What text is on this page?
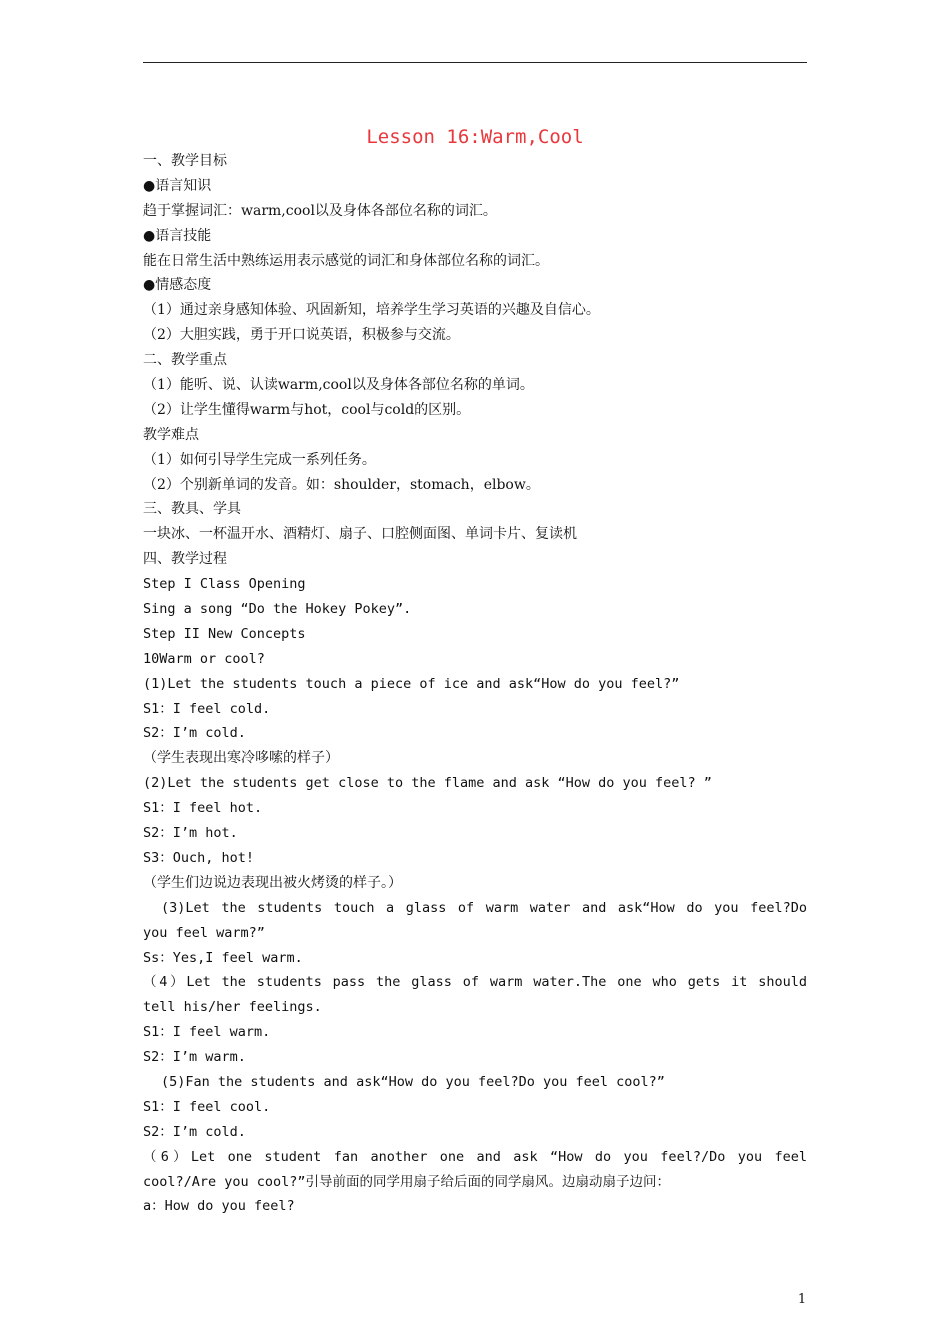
Lesson 16:Warm,Cool
一、教学目标
●语言知识
趋于掌握词汇：warm,cool以及身体各部位名称的词汇。
●语言技能
能在日常生活中熟练运用表示感觉的词汇和身体部位名称的词汇。
●情感态度
（1）通过亲身感知体验、巩固新知，培养学生学习英语的兴趣及自信心。
（2）大胆实践，勇于开口说英语，积极参与交流。
二、教学重点
（1）能听、说、认读warm,cool以及身体各部位名称的单词。
（2）让学生懂得warm与hot，cool与cold的区别。
教学难点
（1）如何引导学生完成一系列任务。
（2）个别新单词的发音。如：shoulder，stomach，elbow。
三、教具、学具
一块冰、一杯温开水、酒精灯、扇子、口腔侧面图、单词卡片、复读机
四、教学过程
Step I Class Opening
Sing a song “Do the Hokey Pokey”.
Step II New Concepts
10Warm or cool?
(1)Let the students touch a piece of ice and ask“How do you feel?”
S1：I feel cold.
S2：I’m cold.
（学生表现出寒冷哆嗦的样子）
(2)Let the students get close to the flame and ask “How do you feel? ”
S1：I feel hot.
S2：I’m hot.
S3：Ouch, hot!
（学生们边说边表现出被火烤烫的样子。）
(3)Let the students touch a glass of warm water and ask“How do you feel?Do
you feel warm?”
Ss：Yes,I feel warm.
（4）Let the students pass the glass of warm water.The one who gets it should
tell his/her feelings.
S1：I feel warm.
S2：I’m warm.
(5)Fan the students and ask“How do you feel?Do you feel cool?”
S1：I feel cool.
S2：I’m cold.
（6）Let one student fan another one and ask “How do you feel?/Do you feel
cool?/Are you cool?”引导前面的同学用扇子给后面的同学扇风。边扇动扇子边问：
a：How do you feel?
1
